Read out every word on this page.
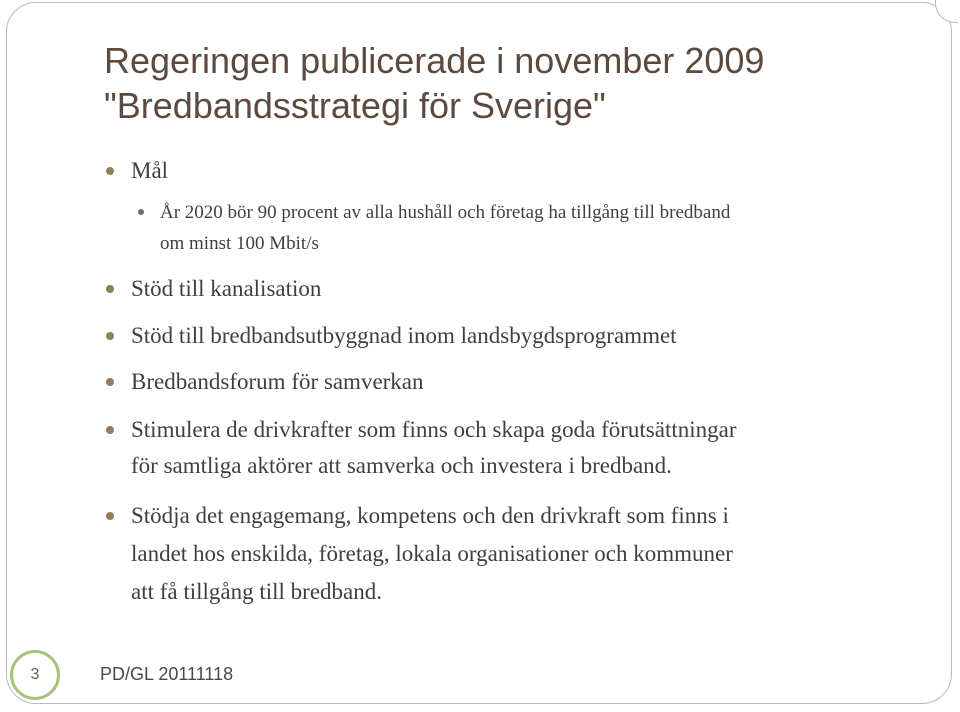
Regeringen publicerade i november 2009
"Bredbandsstrategi för Sverige"
Mål
År 2020 bör 90 procent av alla hushåll och företag ha tillgång till bredband
om minst 100 Mbit/s
Stöd till kanalisation
Stöd till bredbandsutbyggnad inom landsbygdsprogrammet
Bredbandsforum för samverkan
Stimulera de drivkrafter som finns och skapa goda förutsättningar
för samtliga aktörer att samverka och investera i bredband.
Stödja det engagemang, kompetens och den drivkraft som finns i
landet hos enskilda, företag, lokala organisationer och kommuner
att få tillgång till bredband.
3	PD/GL 20111118
